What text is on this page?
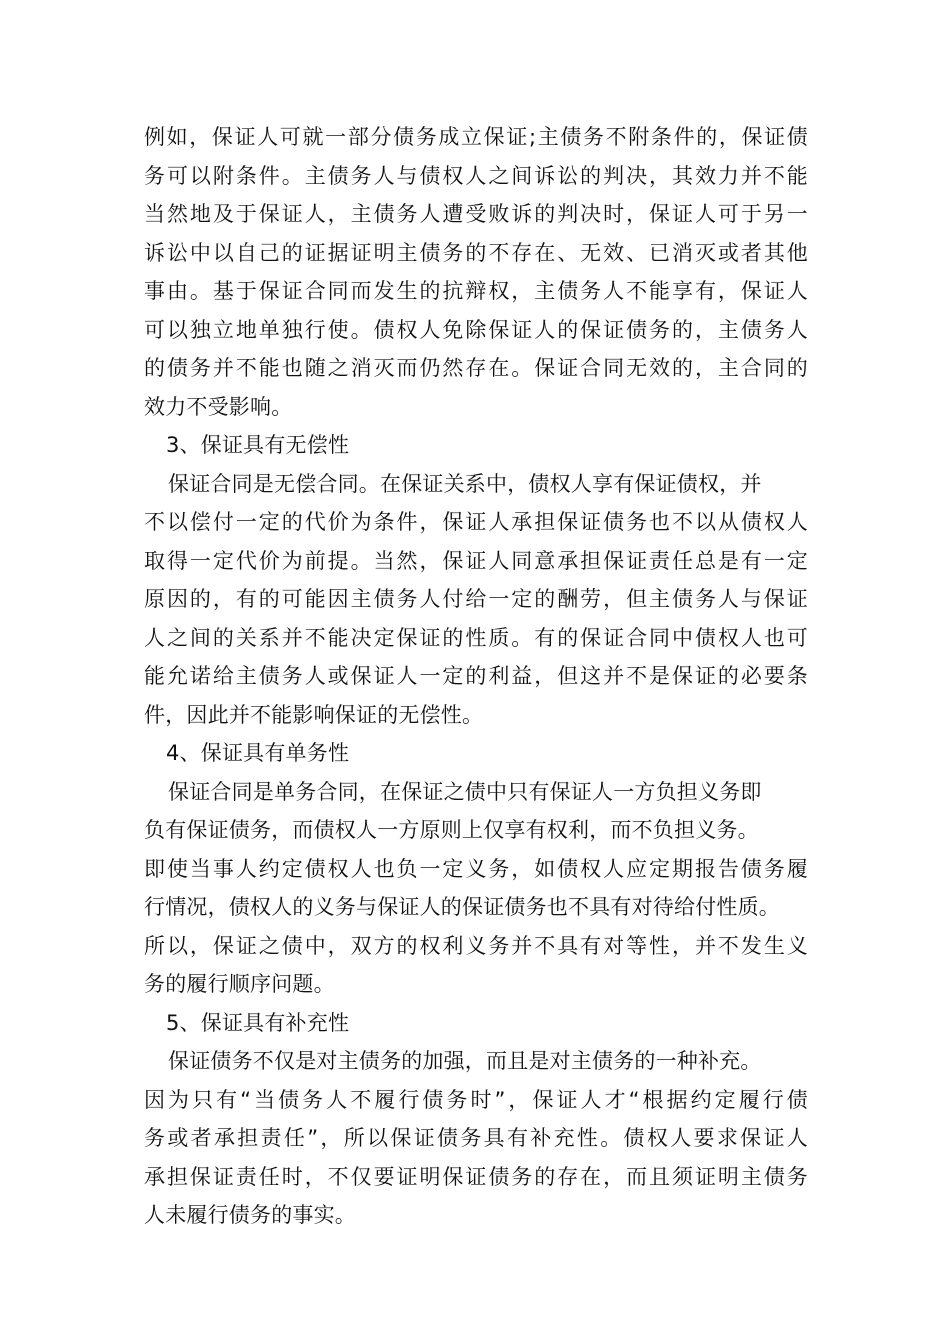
例如，保证人可就一部分债务成立保证;主债务不附条件的，保证债
务可以附条件。主债务人与债权人之间诉讼的判决，其效力并不能
当然地及于保证人，主债务人遭受败诉的判决时，保证人可于另一
诉讼中以自己的证据证明主债务的不存在、无效、已消灭或者其他
事由。基于保证合同而发生的抗辩权，主债务人不能享有，保证人
可以独立地单独行使。债权人免除保证人的保证债务的，主债务人
的债务并不能也随之消灭而仍然存在。保证合同无效的，主合同的
效力不受影响。
3、保证具有无偿性
保证合同是无偿合同。在保证关系中，债权人享有保证债权，并
不以偿付一定的代价为条件，保证人承担保证债务也不以从债权人
取得一定代价为前提。当然，保证人同意承担保证责任总是有一定
原因的，有的可能因主债务人付给一定的酬劳，但主债务人与保证
人之间的关系并不能决定保证的性质。有的保证合同中债权人也可
能允诺给主债务人或保证人一定的利益，但这并不是保证的必要条
件，因此并不能影响保证的无偿性。
4、保证具有单务性
保证合同是单务合同，在保证之债中只有保证人一方负担义务即
负有保证债务，而债权人一方原则上仅享有权利，而不负担义务。
即使当事人约定债权人也负一定义务，如债权人应定期报告债务履
行情况，债权人的义务与保证人的保证债务也不具有对待给付性质。
所以，保证之债中，双方的权利义务并不具有对等性，并不发生义
务的履行顺序问题。
5、保证具有补充性
保证债务不仅是对主债务的加强，而且是对主债务的一种补充。
因为只有“当债务人不履行债务时”，保证人才“根据约定履行债
务或者承担责任”，所以保证债务具有补充性。债权人要求保证人
承担保证责任时，不仅要证明保证债务的存在，而且须证明主债务
人未履行债务的事实。
